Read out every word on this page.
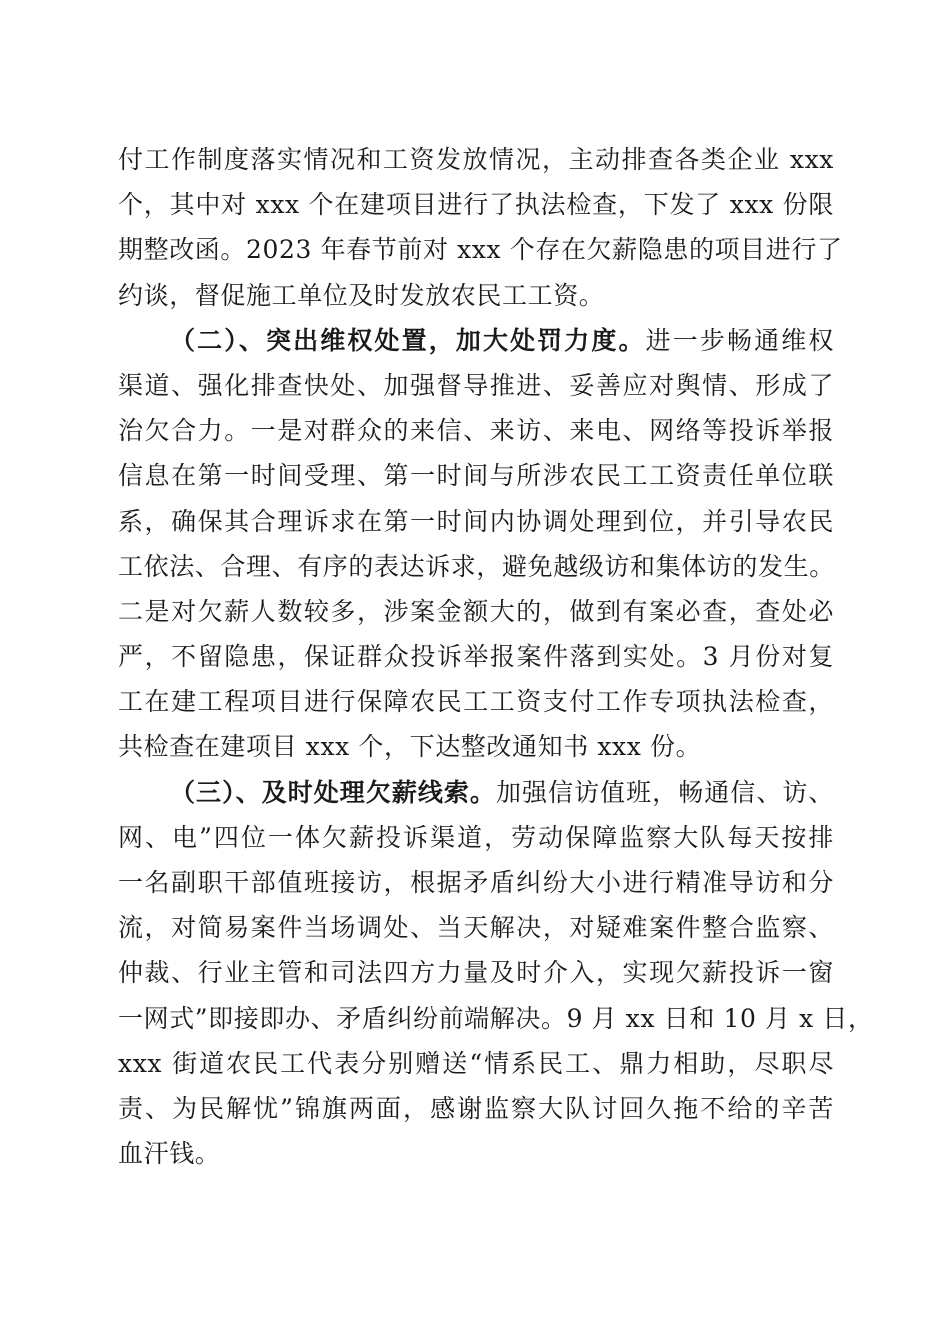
付工作制度落实情况和工资发放情况，主动排查各类企业 xxx
个，其中对 xxx 个在建项目进行了执法检查，下发了 xxx 份限
期整改函。2023 年春节前对 xxx 个存在欠薪隐患的项目进行了
约谈，督促施工单位及时发放农民工工资。
（二）、突出维权处置，加大处罚力度。进一步畅通维权
渠道、强化排查快处、加强督导推进、妥善应对舆情、形成了
治欠合力。一是对群众的来信、来访、来电、网络等投诉举报
信息在第一时间受理、第一时间与所涉农民工工资责任单位联
系，确保其合理诉求在第一时间内协调处理到位，并引导农民
工依法、合理、有序的表达诉求，避免越级访和集体访的发生。
二是对欠薪人数较多，涉案金额大的，做到有案必查，查处必
严，不留隐患，保证群众投诉举报案件落到实处。3 月份对复
工在建工程项目进行保障农民工工资支付工作专项执法检查，
共检查在建项目 xxx 个，下达整改通知书 xxx 份。
（三）、及时处理欠薪线索。加强信访值班，畅通信、访、
网、电”四位一体欠薪投诉渠道，劳动保障监察大队每天按排
一名副职干部值班接访，根据矛盾纠纷大小进行精准导访和分
流，对简易案件当场调处、当天解决，对疑难案件整合监察、
仲裁、行业主管和司法四方力量及时介入，实现欠薪投诉一窗
一网式”即接即办、矛盾纠纷前端解决。9 月 xx 日和 10 月 x 日，
xxx 街道农民工代表分别赠送“情系民工、鼎力相助，尽职尽
责、为民解忧”锦旗两面，感谢监察大队讨回久拖不给的辛苦
血汗钱。
